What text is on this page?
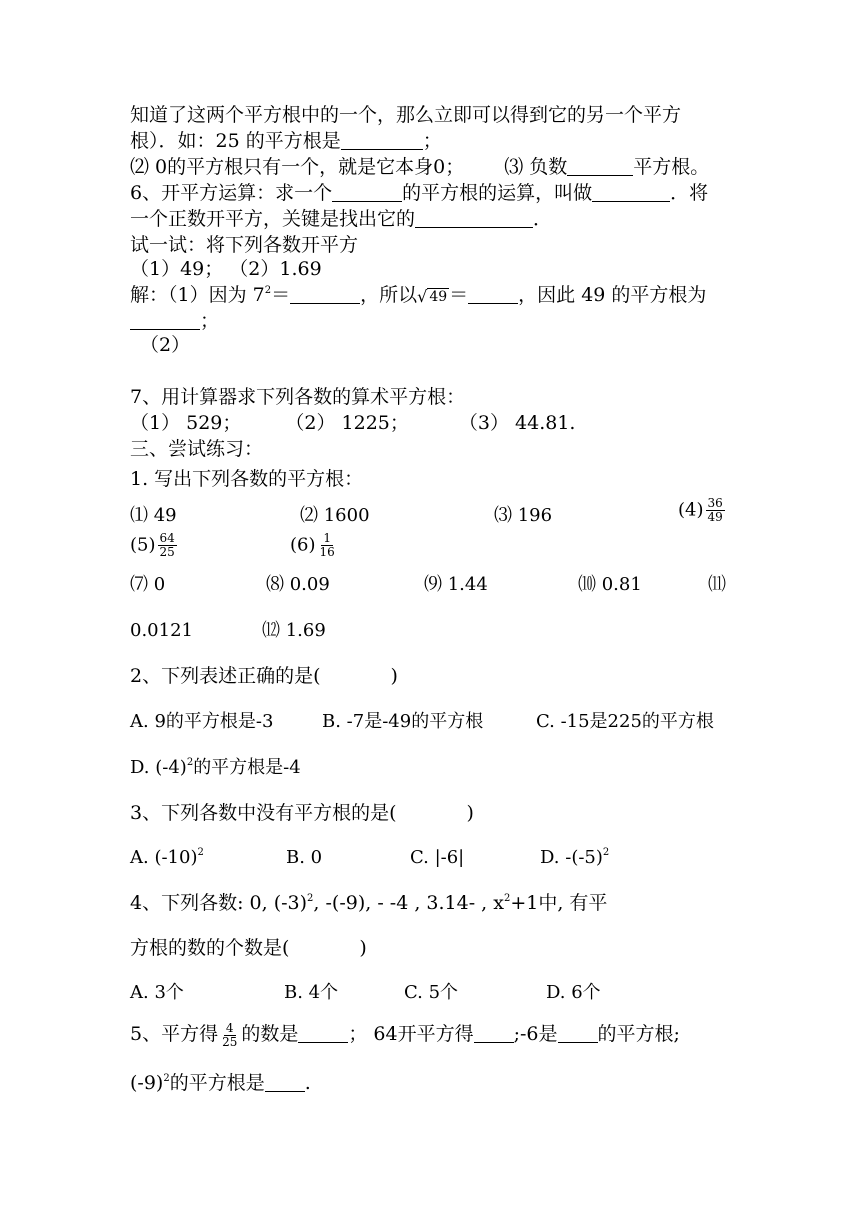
知道了这两个平方根中的一个，那么立即可以得到它的另一个平方
根）．如：25 的平方根是	；
⑵ 0的平方根只有一个，就是它本身0； ⑶ 负数	平方根。
6、开平方运算：求一个	的平方根的运算，叫做	．将
一个正数开平方，关键是找出它的	．
试一试：将下列各数开平方
（1）49； （2）1.69
解：（1）因为 $7^2=$	，所以 √ 49 ＝	，因此 49 的平方根为
；
（2）
7、用计算器求下列各数的算术平方根：
（1） 529； （2） 1225；	（3） 44.81.
三、尝试练习：
1. 写出下列各数的平方根：
⑴ 49	⑵ 1600	⑶ 196	$(4) \frac{36}{49}$
$(5) \frac{64}{25}$	$(6) \frac{1}{16}$
⑺ 0	⑻ 0.09	⑼ 1.44	⑽ 0.81	⑾
0.0121	⑿ 1.69
2、下列表述正确的是(	)
A. 9的平方根是-3	B. -7是-49的平方根	C. -15是225的平方根
D. $(-4)^2$的平方根是-4
3、下列各数中没有平方根的是(	)
A. $(-10)^2$	B. 0	C. |-6|	D. $-(-5)^2$
4、下列各数: 0, $(-3)^2$, -(-9), - -4 , 3.14- , $x^2+1$中, 有平
方根的数的个数是(	)
A. 3个	B. 4个	C. 5个	D. 6个
5、平方得 $\frac{4}{25}$ 的数是	； 64开平方得 ;-6是 的平方根;
$(-9)^2$的平方根是 .
